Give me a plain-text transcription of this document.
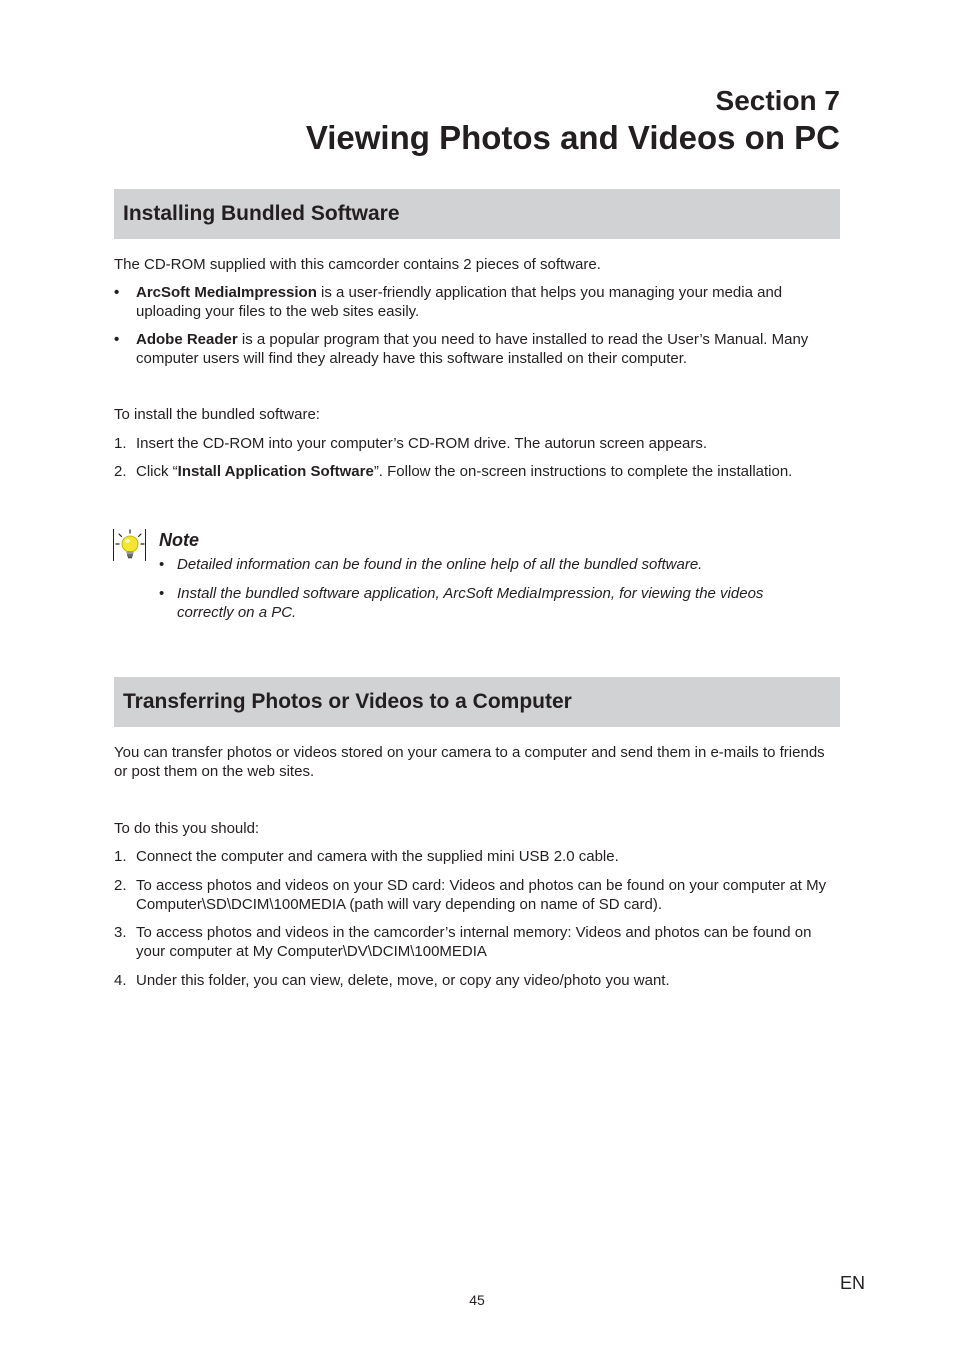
Section 7

Viewing Photos and Videos on PC
Installing Bundled Software

The CD-ROM supplied with this camcorder contains 2 pieces of software.

• ArcSoft MediaImpression is a user-friendly application that helps you managing your media and uploading your files to the web sites easily.
• Adobe Reader is a popular program that you need to have installed to read the User’s Manual. Many computer users will find they already have this software installed on their computer.

To install the bundled software:

1. Insert the CD-ROM into your computer’s CD-ROM drive. The autorun screen appears.
2. Click “Install Application Software”. Follow the on-screen instructions to complete the installation.
Note
• Detailed information can be found in the online help of all the bundled software.
• Install the bundled software application, ArcSoft MediaImpression, for viewing the videos correctly on a PC.
Transferring Photos or Videos to a Computer

You can transfer photos or videos stored on your camera to a computer and send them in e-mails to friends or post them on the web sites.

To do this you should:

1. Connect the computer and camera with the supplied mini USB 2.0 cable.
2. To access photos and videos on your SD card: Videos and photos can be found on your computer at My Computer\SD\DCIM\100MEDIA (path will vary depending on name of SD card).
3. To access photos and videos in the camcorder’s internal memory: Videos and photos can be found on your computer at My Computer\DV\DCIM\100MEDIA
4. Under this folder, you can view, delete, move, or copy any video/photo you want.
EN
45
